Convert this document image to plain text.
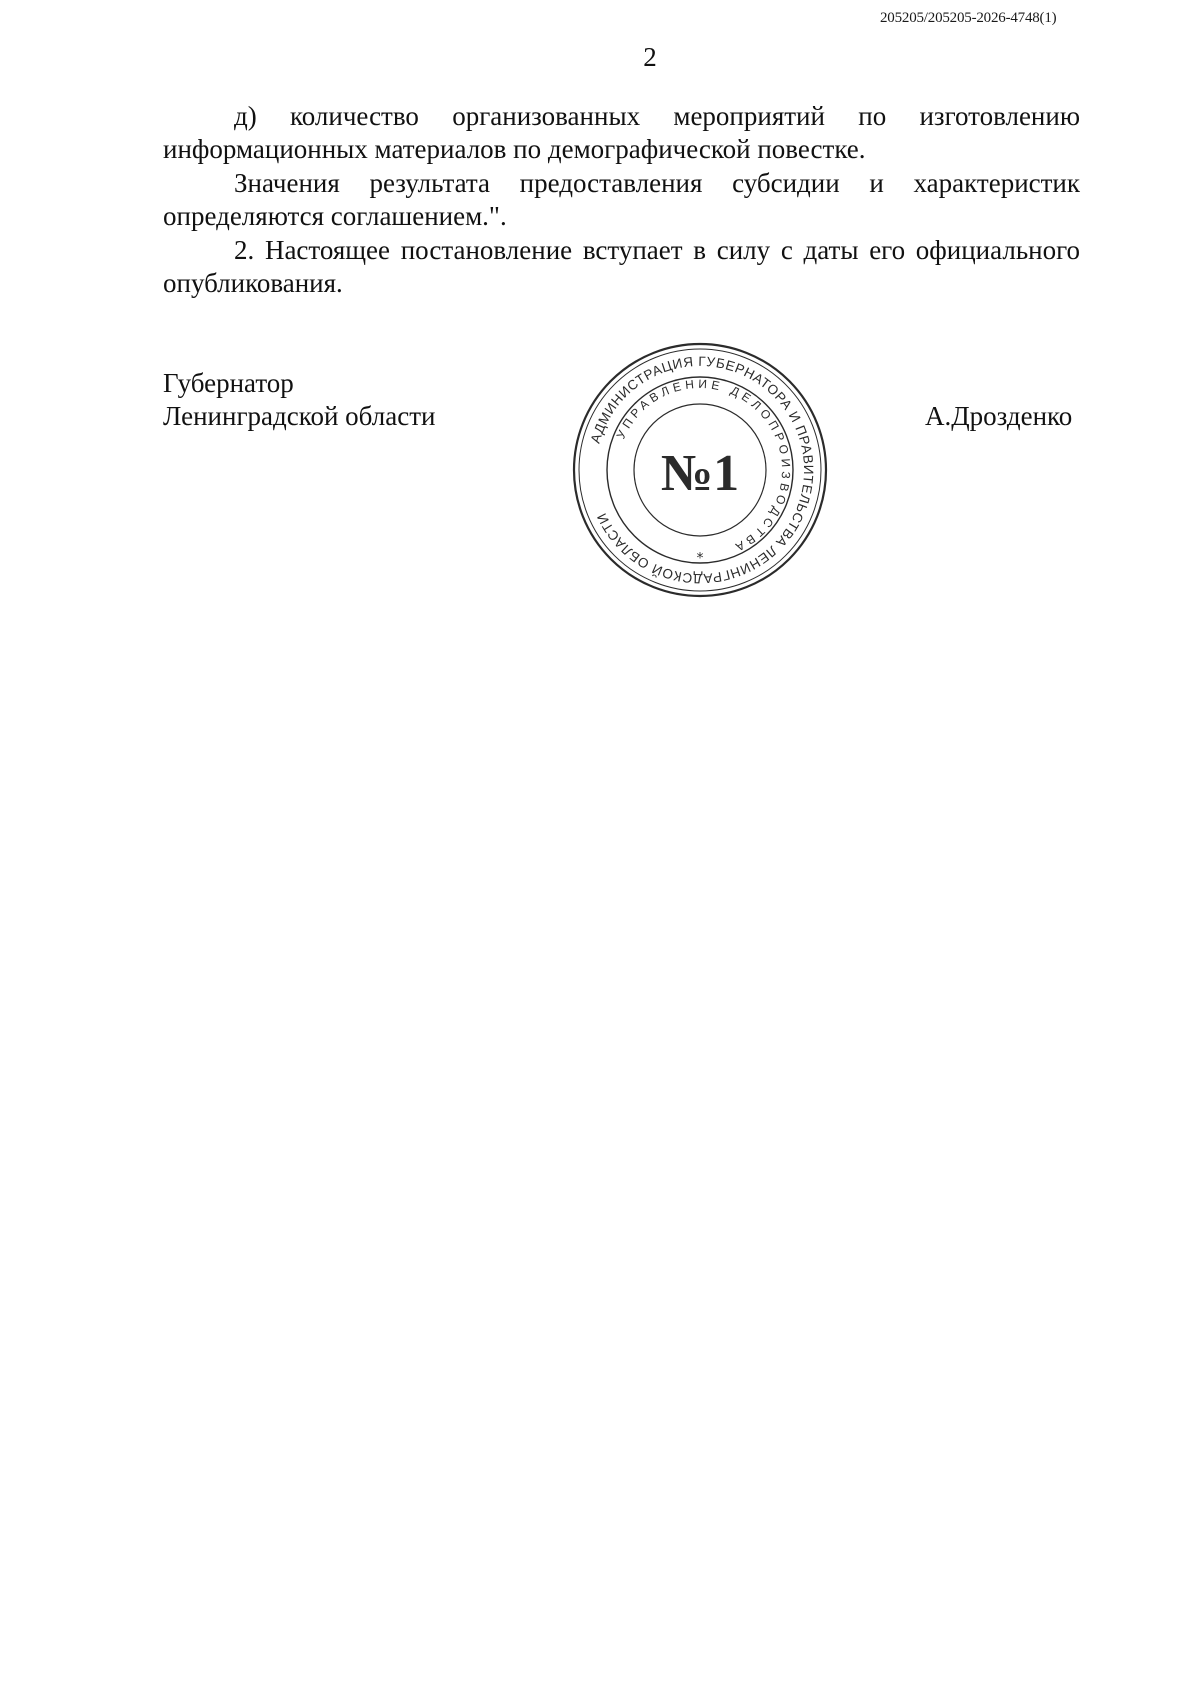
205205/205205-2026-4748(1)
2

д) количество организованных мероприятий по изготовлению информационных материалов по демографической повестке.

Значения результата предоставления субсидии и характеристик определяются соглашением.".

2. Настоящее постановление вступает в силу с даты его официального опубликования.

Губернатор
Ленинградской области
АДМИНИСТРАЦИЯ ГУБЕРНАТОРА И ПРАВИТЕЛЬСТВА ЛЕНИНГРАДСКОЙ ОБЛАСТИ
УПРАВЛЕНИЕ ДЕЛОПРОИЗВОДСТВА
№1
⁎
А.Дрозденко
